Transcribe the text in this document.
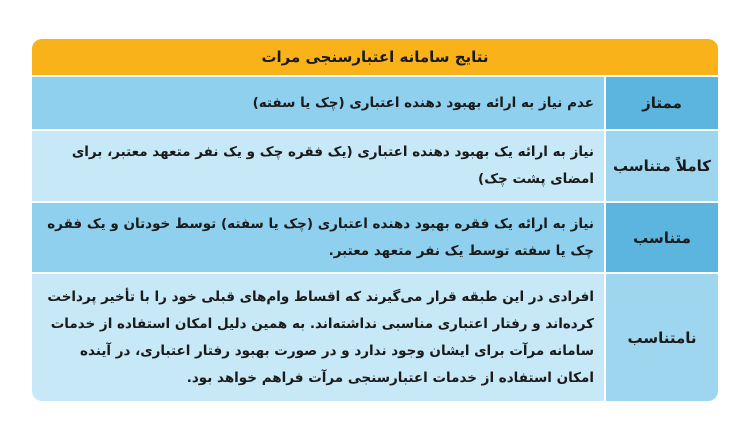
نتایج سامانه اعتبارسنجی مرات
عدم نیاز به ارائه بهبود دهنده اعتباری (چک یا سفته)	ممتاز
نیاز به ارائه یک بهبود دهنده اعتباری (یک فقره چک و یک نفر متعهد معتبر، برای امضای پشت چک)
کاملاً متناسب
نیاز به ارائه یک فقره بهبود دهنده اعتباری (چک یا سفته) توسط خودتان و یک فقره چک یا سفته توسط یک نفر متعهد معتبر.
متناسب
افرادی در این طبقه قرار می‌گیرند که اقساط وام‌های قبلی خود را با تأخیر پرداخت کرده‌اند و رفتار اعتباری مناسبی نداشته‌اند. به همین دلیل امکان استفاده از خدمات سامانه مرآت برای ایشان وجود ندارد و در صورت بهبود رفتار اعتباری، در آینده امکان استفاده از خدمات اعتبارسنجی مرآت فراهم خواهد بود.
نامتناسب
